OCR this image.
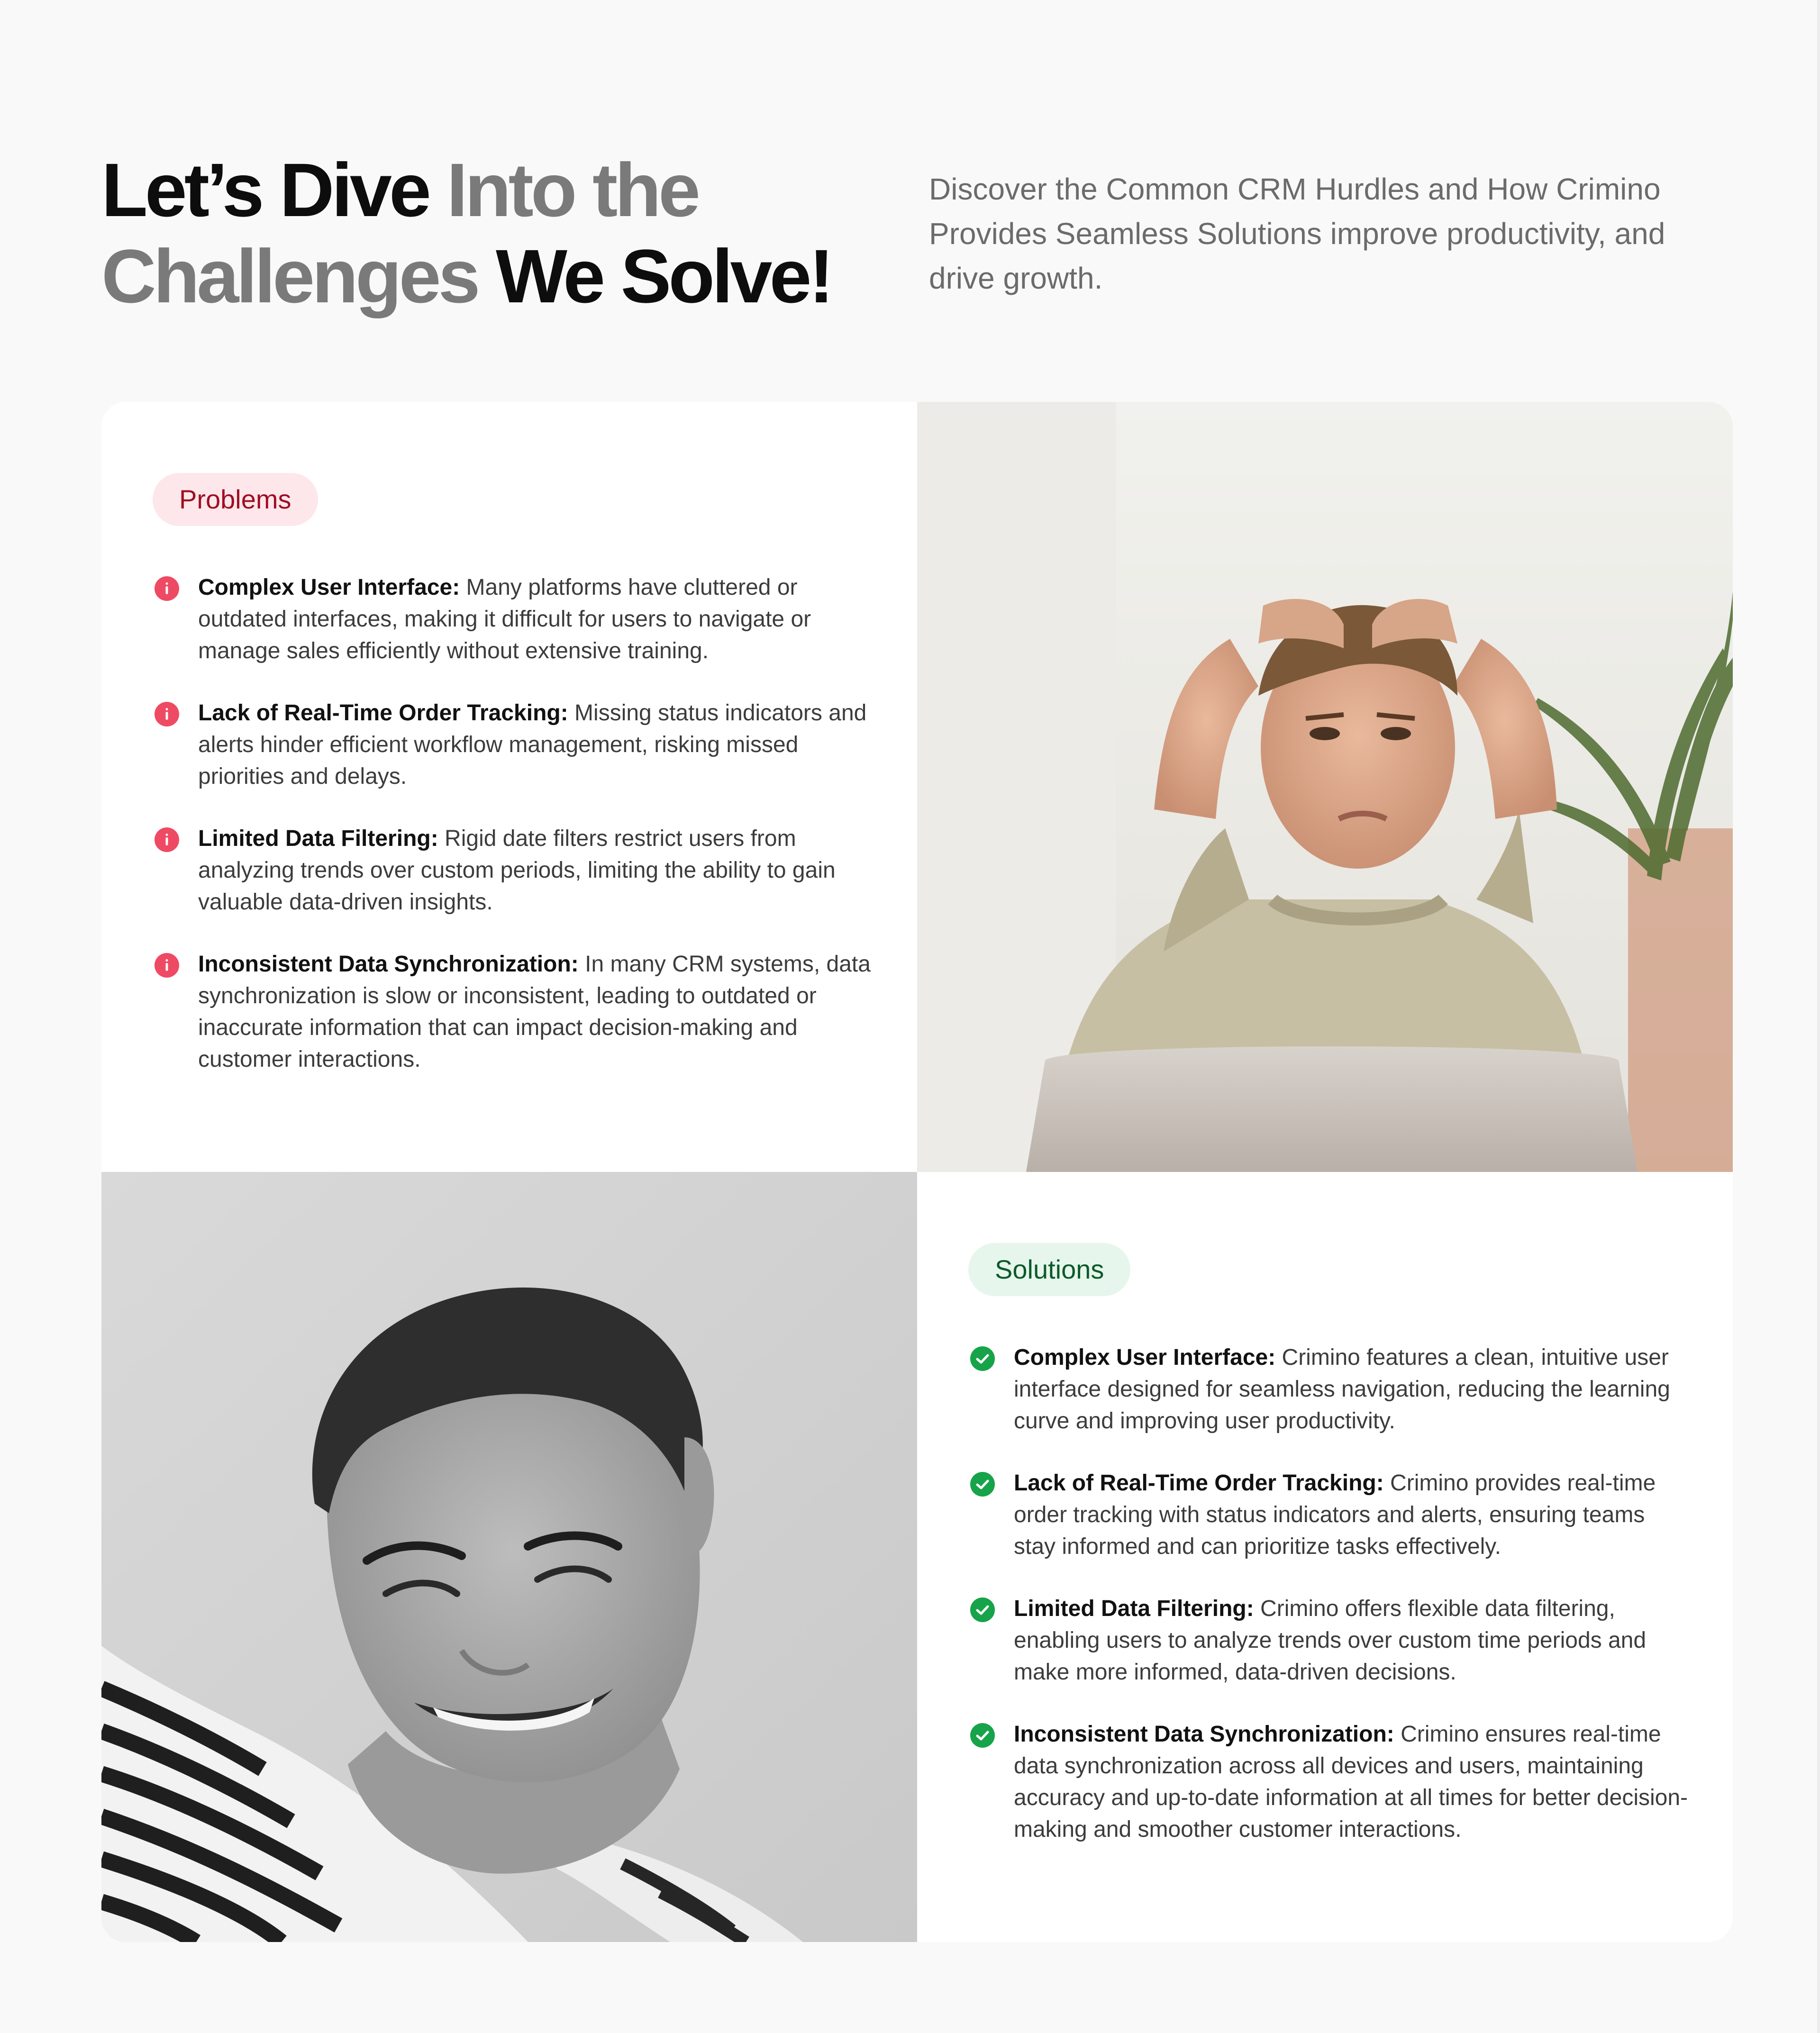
Let’s Dive Into the
Challenges We Solve!

Discover the Common CRM Hurdles and How Crimino Provides Seamless Solutions improve productivity, and drive growth.

Problems
Complex User Interface: Many platforms have cluttered or outdated interfaces, making it difficult for users to navigate or manage sales efficiently without extensive training.
Lack of Real-Time Order Tracking: Missing status indicators and alerts hinder efficient workflow management, risking missed priorities and delays.
Limited Data Filtering: Rigid date filters restrict users from analyzing trends over custom periods, limiting the ability to gain valuable data-driven insights.
Inconsistent Data Synchronization: In many CRM systems, data synchronization is slow or inconsistent, leading to outdated or inaccurate information that can impact decision-making and customer interactions.
Solutions
Complex User Interface: Crimino features a clean, intuitive user interface designed for seamless navigation, reducing the learning curve and improving user productivity.
Lack of Real-Time Order Tracking: Crimino provides real-time order tracking with status indicators and alerts, ensuring teams stay informed and can prioritize tasks effectively.
Limited Data Filtering: Crimino offers flexible data filtering, enabling users to analyze trends over custom time periods and make more informed, data-driven decisions.
Inconsistent Data Synchronization: Crimino ensures real-time data synchronization across all devices and users, maintaining accuracy and up-to-date information at all times for better decision-making and smoother customer interactions.
